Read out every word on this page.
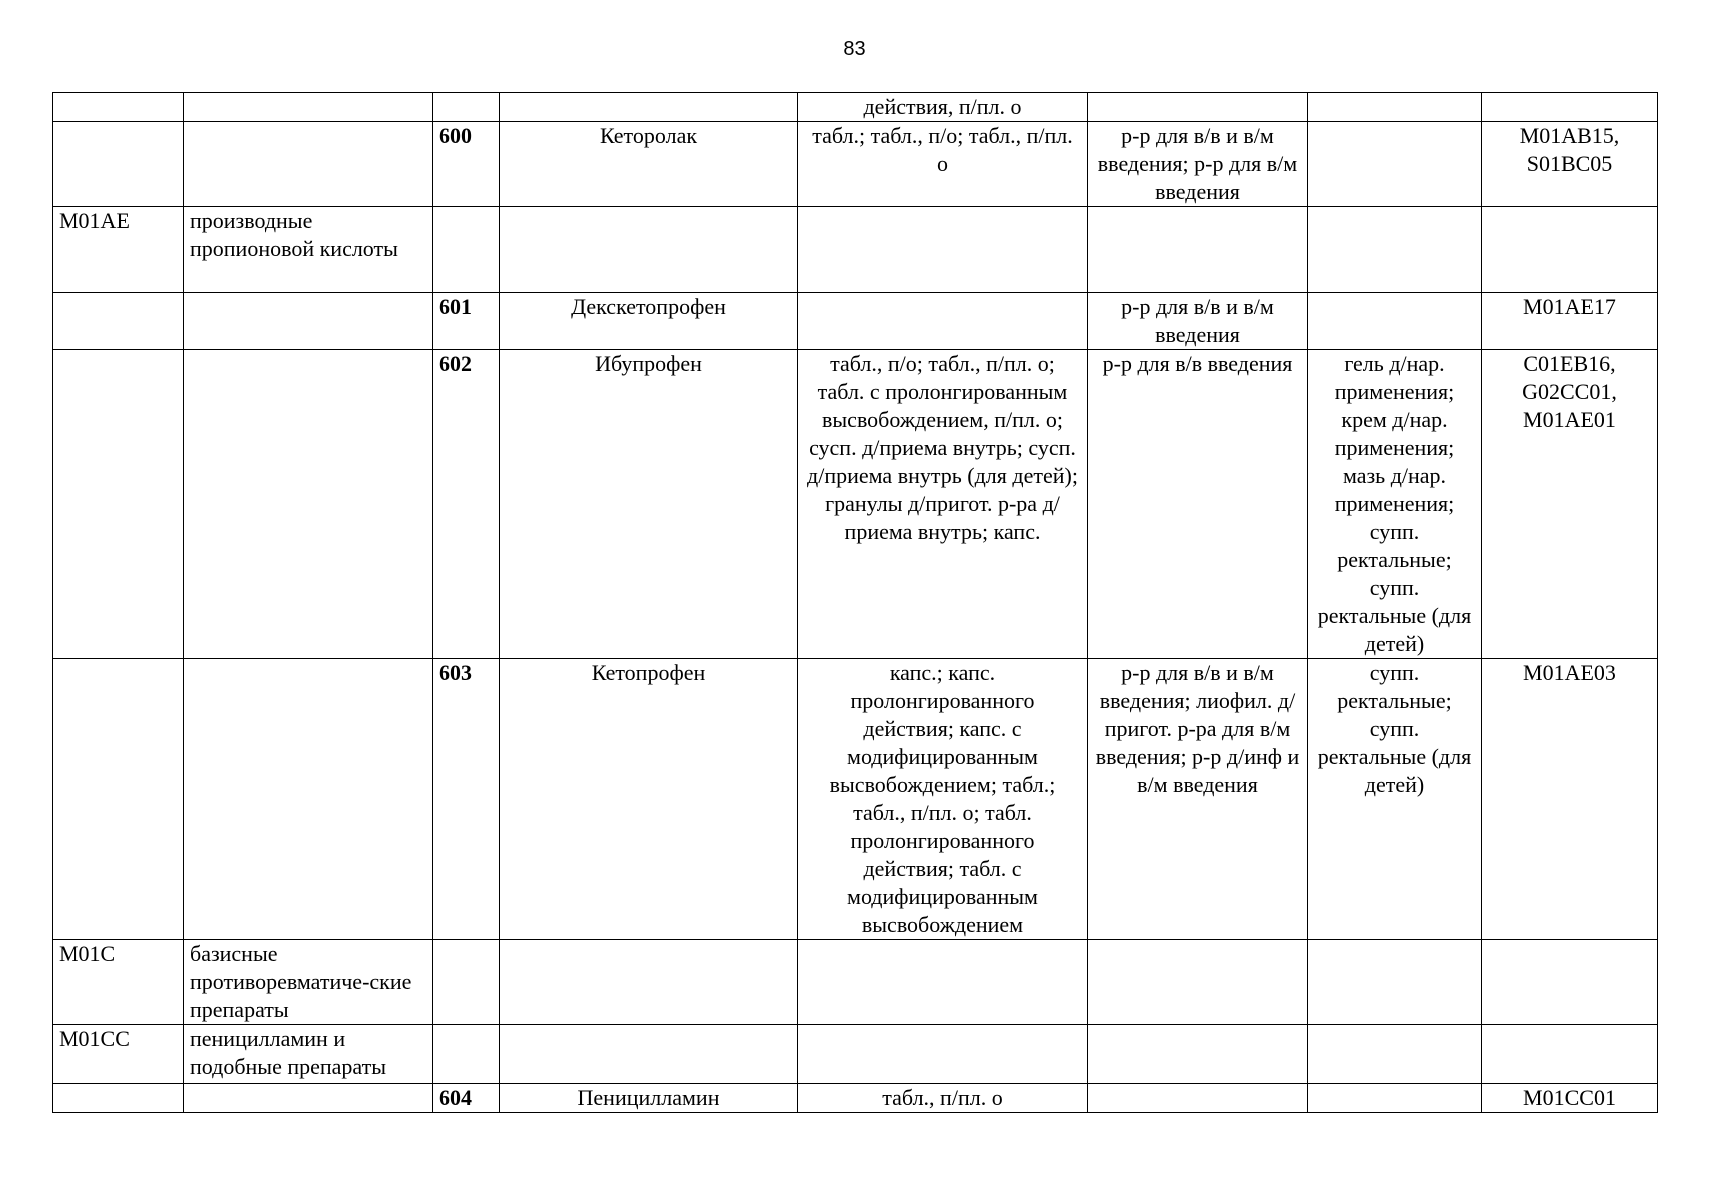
83
				действия, п/пл. о			
		600	Кеторолак	табл.; табл., п/о; табл., п/пл. о	р-р для в/в и в/м введения; р-р для в/м введения		M01AB15, S01BC05
M01AE	производные пропионовой кислоты						
		601	Декскетопрофен		р-р для в/в и в/м введения		M01AE17
		602	Ибупрофен	табл., п/о; табл., п/пл. о; табл. с пролонгированным высвобождением, п/пл. о; сусп. д/приема внутрь; сусп. д/приема внутрь (для детей); гранулы д/пригот. р-ра д/приема внутрь; капс.	р-р для в/в введения	гель д/нар. применения; крем д/нар. применения; мазь д/нар. применения; супп. ректальные; супп. ректальные (для детей)	C01EB16, G02CC01, M01AE01
		603	Кетопрофен	капс.; капс. пролонгированного действия; капс. с модифицированным высвобождением; табл.; табл., п/пл. о; табл. пролонгированного действия; табл. с модифицированным высвобождением	р-р для в/в и в/м введения; лиофил. д/пригот. р-ра для в/м введения; р-р д/инф и в/м введения	супп. ректальные; супп. ректальные (для детей)	M01AE03
M01C	базисные противоревматиче-ские препараты						
M01CC	пеницилламин и подобные препараты						
		604	Пеницилламин	табл., п/пл. о			M01CC01
